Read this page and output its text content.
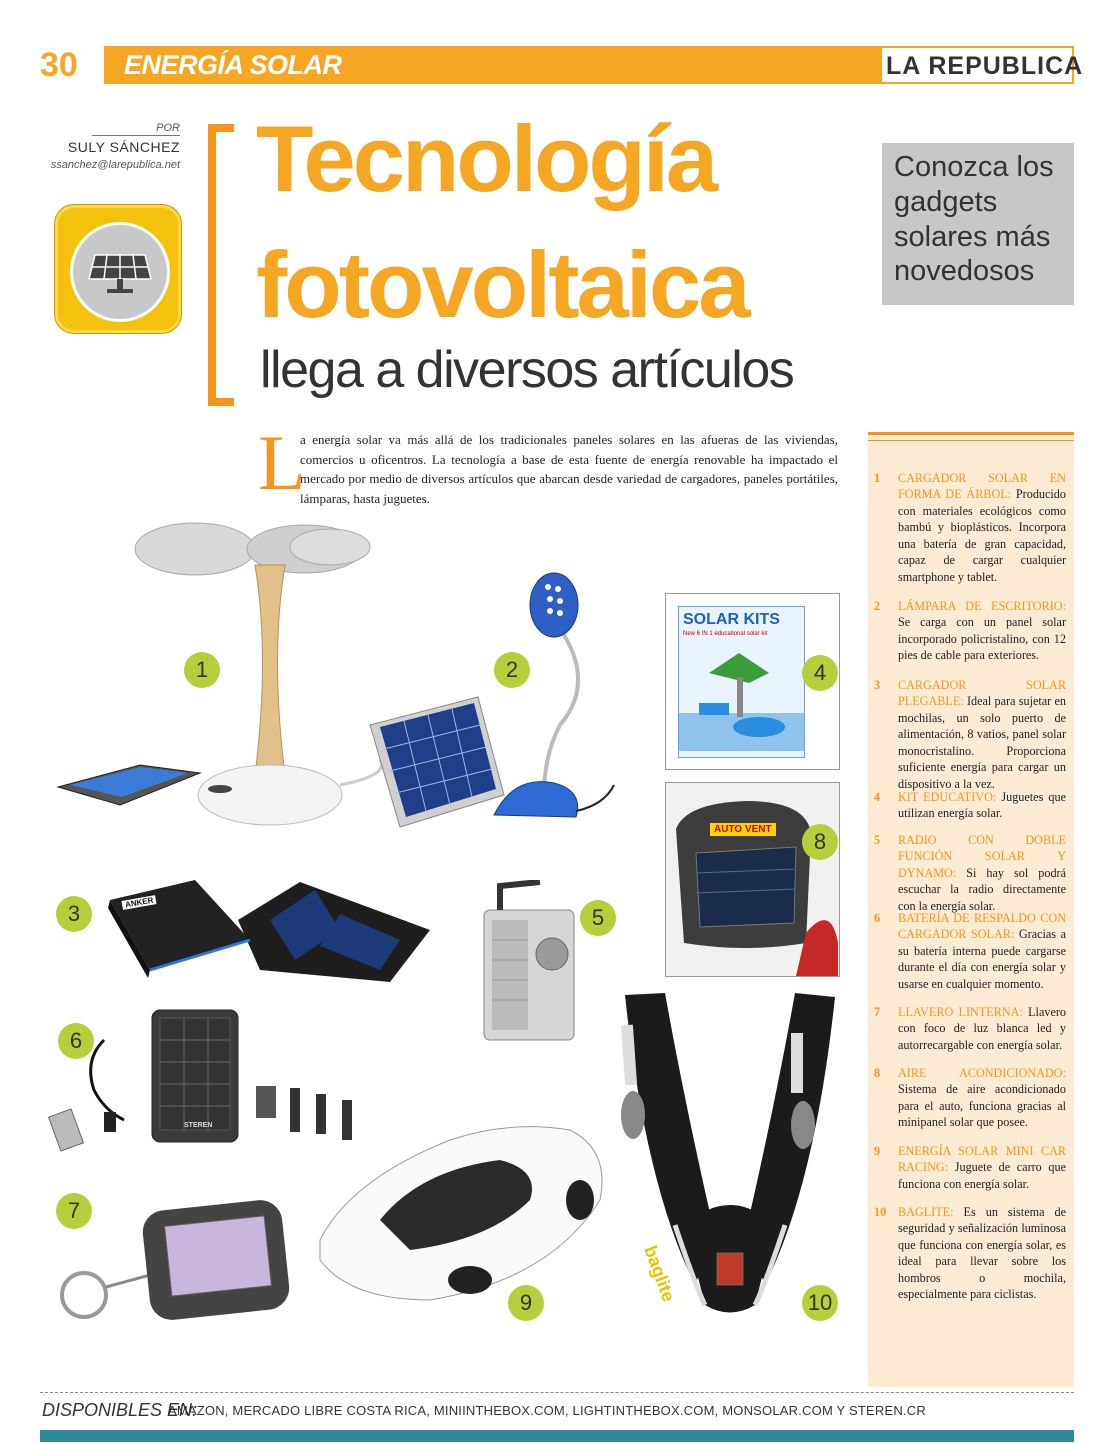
30 ENERGÍA SOLAR	LA REPUBLICA
POR
SULY SÁNCHEZ
ssanchez@larepublica.net Tecnología
fotovoltaica
llega a diversos artículos
Conozca los gadgets solares más novedosos
L
a energía solar va más allá de los tradicionales paneles solares en las afueras de las viviendas, comercios u oficentros. La tecnología a base de esta fuente de energía renovable ha impactado el mercado por medio de diversos artículos que abarcan desde variedad de cargadores, paneles portátiles, lámparas, hasta juguetes.
1 CARGADOR SOLAR EN FORMA DE ÁRBOL: Producido con materiales ecológicos como bambú y bioplásticos. Incorpora una batería de gran capacidad, capaz de cargar cualquier smartphone y tablet.
2 LÁMPARA DE ESCRITORIO: Se carga con un panel solar incorporado policristalino, con 12 pies de cable para exteriores.
3 CARGADOR SOLAR PLEGABLE: Ideal para sujetar en mochilas, un solo puerto de alimentación, 8 vatios, panel solar monocristalino. Proporciona suficiente energía para cargar un dispositivo a la vez.
4 KIT EDUCATIVO: Juguetes que utilizan energía solar.
5 RADIO CON DOBLE FUNCIÓN SOLAR Y DYNAMO: Si hay sol podrá escuchar la radio directamente con la energía solar.
6 BATERÍA DE RESPALDO CON CARGADOR SOLAR: Gracias a su batería interna puede cargarse durante el día con energía solar y usarse en cualquier momento.
7 LLAVERO LINTERNA: Llavero con foco de luz blanca led y autorrecargable con energía solar.
8 AIRE ACONDICIONADO: Sistema de aire acondicionado para el auto, funciona gracias al minipanel solar que posee.
9 ENERGÍA SOLAR MINI CAR RACING: Juguete de carro que funciona con energía solar.
10 BAGLITE: Es un sistema de seguridad y señalización luminosa que funciona con energía solar, es ideal para llevar sobre los hombros o mochila, especialmente para ciclistas.
1	2
SOLAR KITS
New 6 IN 1 educational solar kit
4
AUTO VENT	8
ANKER
3	5
STEREN
6
7
9	baglite	10
DISPONIBLES EN:
AMAZON, MERCADO LIBRE COSTA RICA, MINIINTHEBOX.COM, LIGHTINTHEBOX.COM, MONSOLAR.COM Y STEREN.CR
